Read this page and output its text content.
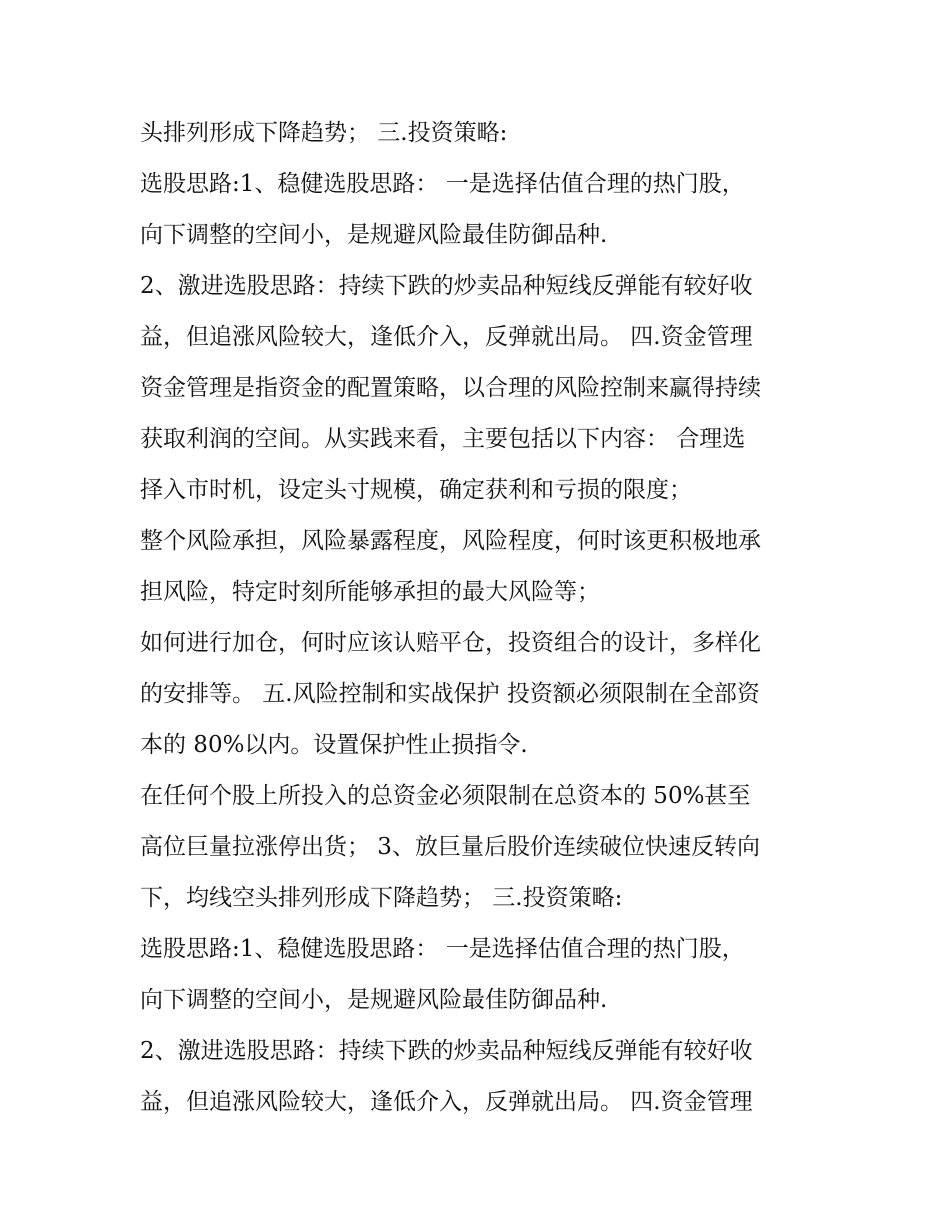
头排列形成下降趋势； 三.投资策略:
选股思路:1、稳健选股思路： 一是选择估值合理的热门股，
向下调整的空间小，是规避风险最佳防御品种.
2、激进选股思路：持续下跌的炒卖品种短线反弹能有较好收
益，但追涨风险较大，逢低介入，反弹就出局。 四.资金管理
资金管理是指资金的配置策略，以合理的风险控制来赢得持续
获取利润的空间。从实践来看，主要包括以下内容： 合理选
择入市时机，设定头寸规模，确定获利和亏损的限度；
整个风险承担，风险暴露程度，风险程度，何时该更积极地承
担风险，特定时刻所能够承担的最大风险等；
如何进行加仓，何时应该认赔平仓，投资组合的设计，多样化
的安排等。 五.风险控制和实战保护 投资额必须限制在全部资
本的 80%以内。设置保护性止损指令.
在任何个股上所投入的总资金必须限制在总资本的 50%甚至
高位巨量拉涨停出货； 3、放巨量后股价连续破位快速反转向
下，均线空头排列形成下降趋势； 三.投资策略:
选股思路:1、稳健选股思路： 一是选择估值合理的热门股，
向下调整的空间小，是规避风险最佳防御品种.
2、激进选股思路：持续下跌的炒卖品种短线反弹能有较好收
益，但追涨风险较大，逢低介入，反弹就出局。 四.资金管理
